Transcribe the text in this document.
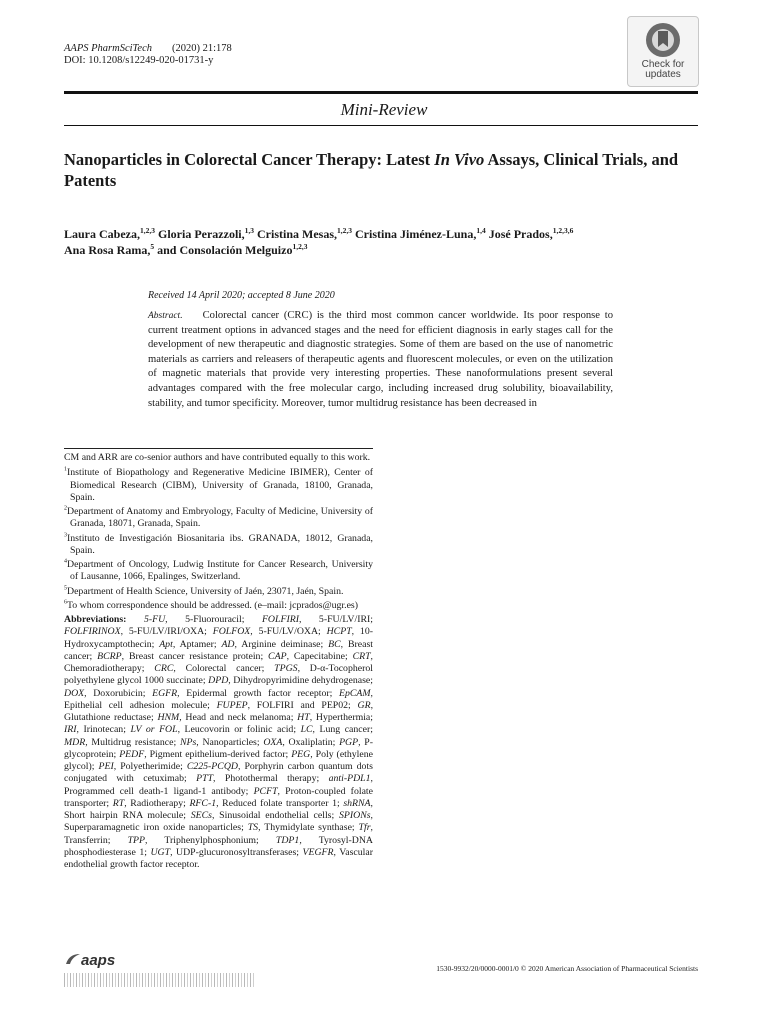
AAPS PharmSciTech (2020) 21:178
DOI: 10.1208/s12249-020-01731-y	Check for
updates
Mini-Review
Nanoparticles in Colorectal Cancer Therapy: Latest In Vivo Assays, Clinical Trials, and Patents
Laura Cabeza,$^{1,2,3}$ Gloria Perazzoli,$^{1,3}$ Cristina Mesas,$^{1,2,3}$ Cristina Jiménez-Luna,$^{1,4}$ José Prados,$^{1,2,3,6}$
Ana Rosa Rama,$^5$ and Consolación Melguizo$^{1,2,3}$
Received 14 April 2020; accepted 8 June 2020
Abstract. Colorectal cancer (CRC) is the third most common cancer worldwide. Its poor response to current treatment options in advanced stages and the need for efficient diagnosis in early stages call for the development of new therapeutic and diagnostic strategies. Some of them are based on the use of nanometric materials as carriers and releasers of therapeutic agents and fluorescent molecules, or even on the utilization of magnetic materials that provide very interesting properties. These nanoformulations present several advantages compared with the free molecular cargo, including increased drug solubility, bioavailability, stability, and tumor specificity. Moreover, tumor multidrug resistance has been decreased in

CM and ARR are co-senior authors and have contributed equally to this work.

$^1$Institute of Biopathology and Regenerative Medicine IBIMER), Center of Biomedical Research (CIBM), University of Granada, 18100, Granada, Spain.
$^2$Department of Anatomy and Embryology, Faculty of Medicine, University of Granada, 18071, Granada, Spain.
$^3$Instituto de Investigación Biosanitaria ibs. GRANADA, 18012, Granada, Spain.
$^4$Department of Oncology, Ludwig Institute for Cancer Research, University of Lausanne, 1066, Epalinges, Switzerland.
$^5$Department of Health Science, University of Jaén, 23071, Jaén, Spain.
$^6$To whom correspondence should be addressed. (e–mail: jcprados@ugr.es)
Abbreviations: 5-FU, 5-Fluorouracil; FOLFIRI, 5-FU/LV/IRI; FOLFIRINOX, 5-FU/LV/IRI/OXA; FOLFOX, 5-FU/LV/OXA; HCPT, 10-Hydroxycamptothecin; Apt, Aptamer; AD, Arginine deiminase; BC, Breast cancer; BCRP, Breast cancer resistance protein; CAP, Capecitabine; CRT, Chemoradiotherapy; CRC, Colorectal cancer; TPGS, D-α-Tocopherol polyethylene glycol 1000 succinate; DPD, Dihydropyrimidine dehydrogenase; DOX, Doxorubicin; EGFR, Epidermal growth factor receptor; EpCAM, Epithelial cell adhesion molecule; FUPEP, FOLFIRI and PEP02; GR, Glutathione reductase; HNM, Head and neck melanoma; HT, Hyperthermia; IRI, Irinotecan; LV or FOL, Leucovorin or folinic acid; LC, Lung cancer; MDR, Multidrug resistance; NPs, Nanoparticles; OXA, Oxaliplatin; PGP, P-glycoprotein; PEDF, Pigment epithelium-derived factor; PEG, Poly (ethylene glycol); PEI, Polyetherimide; C225-PCQD, Porphyrin carbon quantum dots conjugated with cetuximab; PTT, Photothermal therapy; anti-PDL1, Programmed cell death-1 ligand-1 antibody; PCFT, Proton-coupled folate transporter; RT, Radiotherapy; RFC-1, Reduced folate transporter 1; shRNA, Short hairpin RNA molecule; SECs, Sinusoidal endothelial cells; SPIONs, Superparamagnetic iron oxide nanoparticles; TS, Thymidylate synthase; Tfr, Transferrin; TPP, Triphenylphosphonium; TDP1, Tyrosyl-DNA phosphodiesterase 1; UGT, UDP-glucuronosyltransferases; VEGFR, Vascular endothelial growth factor receptor.
aaps	1530-9932/20/0000-0001/0 © 2020 American Association of Pharmaceutical Scientists
